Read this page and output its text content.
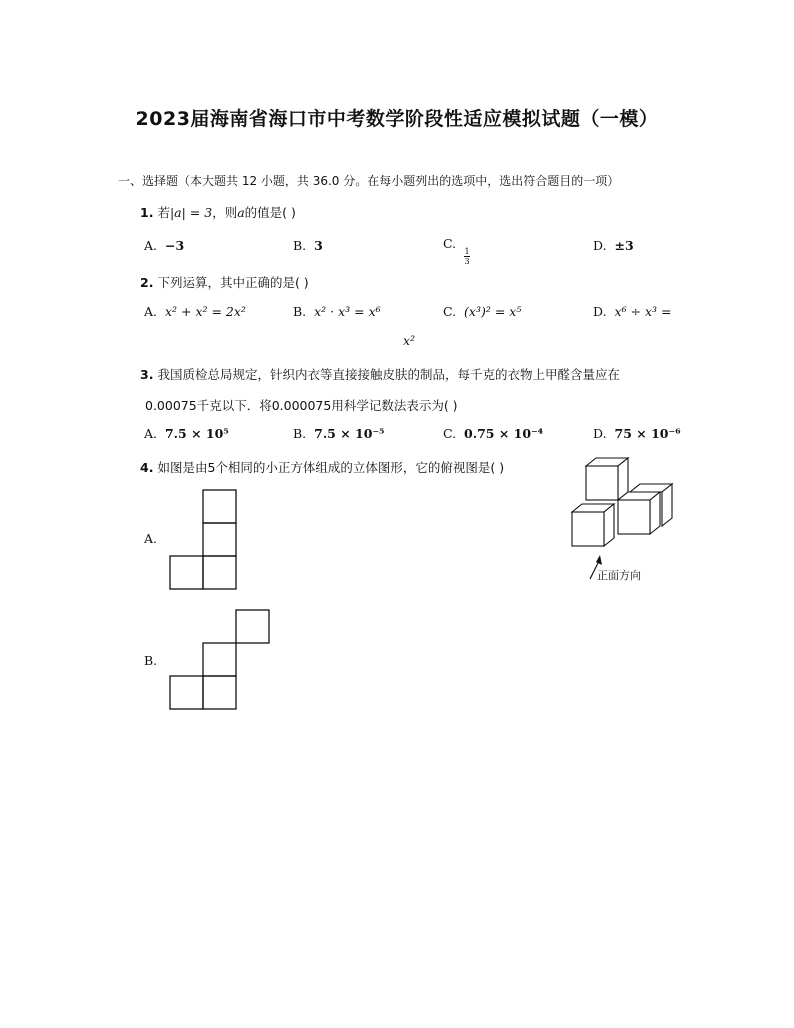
2023届海南省海口市中考数学阶段性适应模拟试题（一模）
一、选择题（本大题共 12 小题，共 36.0 分。在每小题列出的选项中，选出符合题目的一项）
1. 若|a| = 3，则a的值是( )
A. −3	B. 3	C.
$\frac{1}{3}$
D. ±3
2. 下列运算，其中正确的是( )
A. x² + x² = 2x²	B. x² · x³ = x⁶	C. (x³)² = x⁵	D. x⁶ ÷ x³ =
x²
3. 我国质检总局规定，针织内衣等直接接触皮肤的制品，每千克的衣物上甲醛含量应在
0.00075千克以下．将0.000075用科学记数法表示为( )
A. 7.5 × 10⁵	B. 7.5 × 10⁻⁵	C. 0.75 × 10⁻⁴	D. 75 × 10⁻⁶
4. 如图是由5个相同的小正方体组成的立体图形，它的俯视图是( )
正面方向
A.
B.
